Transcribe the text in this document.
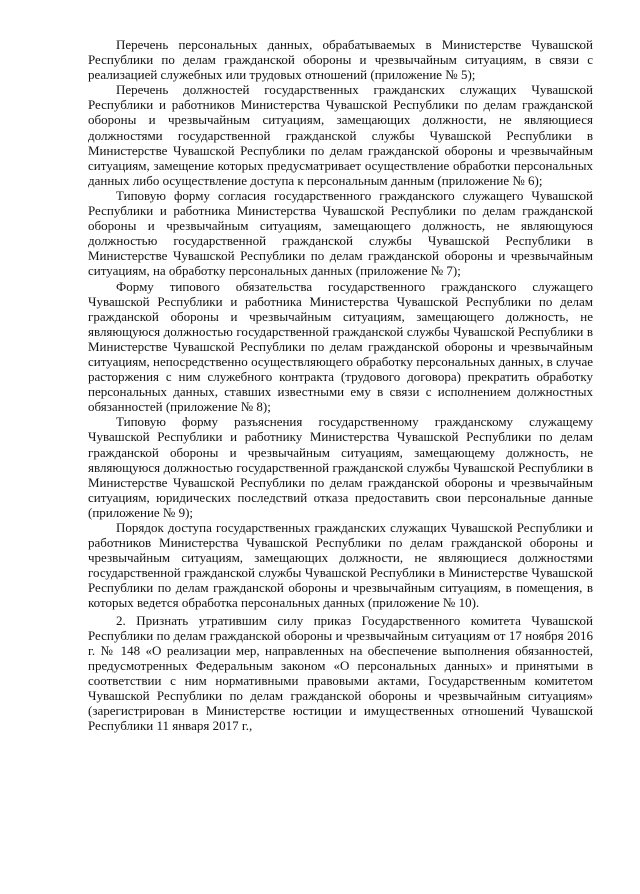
Перечень персональных данных, обрабатываемых в Министерстве Чувашской Республики по делам гражданской обороны и чрезвычайным ситуациям, в связи с реализацией служебных или трудовых отношений (приложение № 5);

Перечень должностей государственных гражданских служащих Чувашской Республики и работников Министерства Чувашской Республики по делам гражданской обороны и чрезвычайным ситуациям, замещающих должности, не являющиеся должностями государственной гражданской службы Чувашской Республики в Министерстве Чувашской Республики по делам гражданской обороны и чрезвычайным ситуациям, замещение которых предусматривает осуществление обработки персональных данных либо осуществление доступа к персональным данным (приложение № 6);

Типовую форму согласия государственного гражданского служащего Чувашской Республики и работника Министерства Чувашской Республики по делам гражданской обороны и чрезвычайным ситуациям, замещающего должность, не являющуюся должностью государственной гражданской службы Чувашской Республики в Министерстве Чувашской Республики по делам гражданской обороны и чрезвычайным ситуациям, на обработку персональных данных (приложение № 7);

Форму типового обязательства государственного гражданского служащего Чувашской Республики и работника Министерства Чувашской Республики по делам гражданской обороны и чрезвычайным ситуациям, замещающего должность, не являющуюся должностью государственной гражданской службы Чувашской Республики в Министерстве Чувашской Республики по делам гражданской обороны и чрезвычайным ситуациям, непосредственно осуществляющего обработку персональных данных, в случае расторжения с ним служебного контракта (трудового договора) прекратить обработку персональных данных, ставших известными ему в связи с исполнением должностных обязанностей (приложение № 8);

Типовую форму разъяснения государственному гражданскому служащему Чувашской Республики и работнику Министерства Чувашской Республики по делам гражданской обороны и чрезвычайным ситуациям, замещающему должность, не являющуюся должностью государственной гражданской службы Чувашской Республики в Министерстве Чувашской Республики по делам гражданской обороны и чрезвычайным ситуациям, юридических последствий отказа предоставить свои персональные данные (приложение № 9);

Порядок доступа государственных гражданских служащих Чувашской Республики и работников Министерства Чувашской Республики по делам гражданской обороны и чрезвычайным ситуациям, замещающих должности, не являющиеся должностями государственной гражданской службы Чувашской Республики в Министерстве Чувашской Республики по делам гражданской обороны и чрезвычайным ситуациям, в помещения, в которых ведется обработка персональных данных (приложение № 10).

2. Признать утратившим силу приказ Государственного комитета Чувашской Республики по делам гражданской обороны и чрезвычайным ситуациям от 17 ноября 2016 г. № 148 «О реализации мер, направленных на обеспечение выполнения обязанностей, предусмотренных Федеральным законом «О персональных данных» и принятыми в соответствии с ним нормативными правовыми актами, Государственным комитетом Чувашской Республики по делам гражданской обороны и чрезвычайным ситуациям» (зарегистрирован в Министерстве юстиции и имущественных отношений Чувашской Республики 11 января 2017 г.,
